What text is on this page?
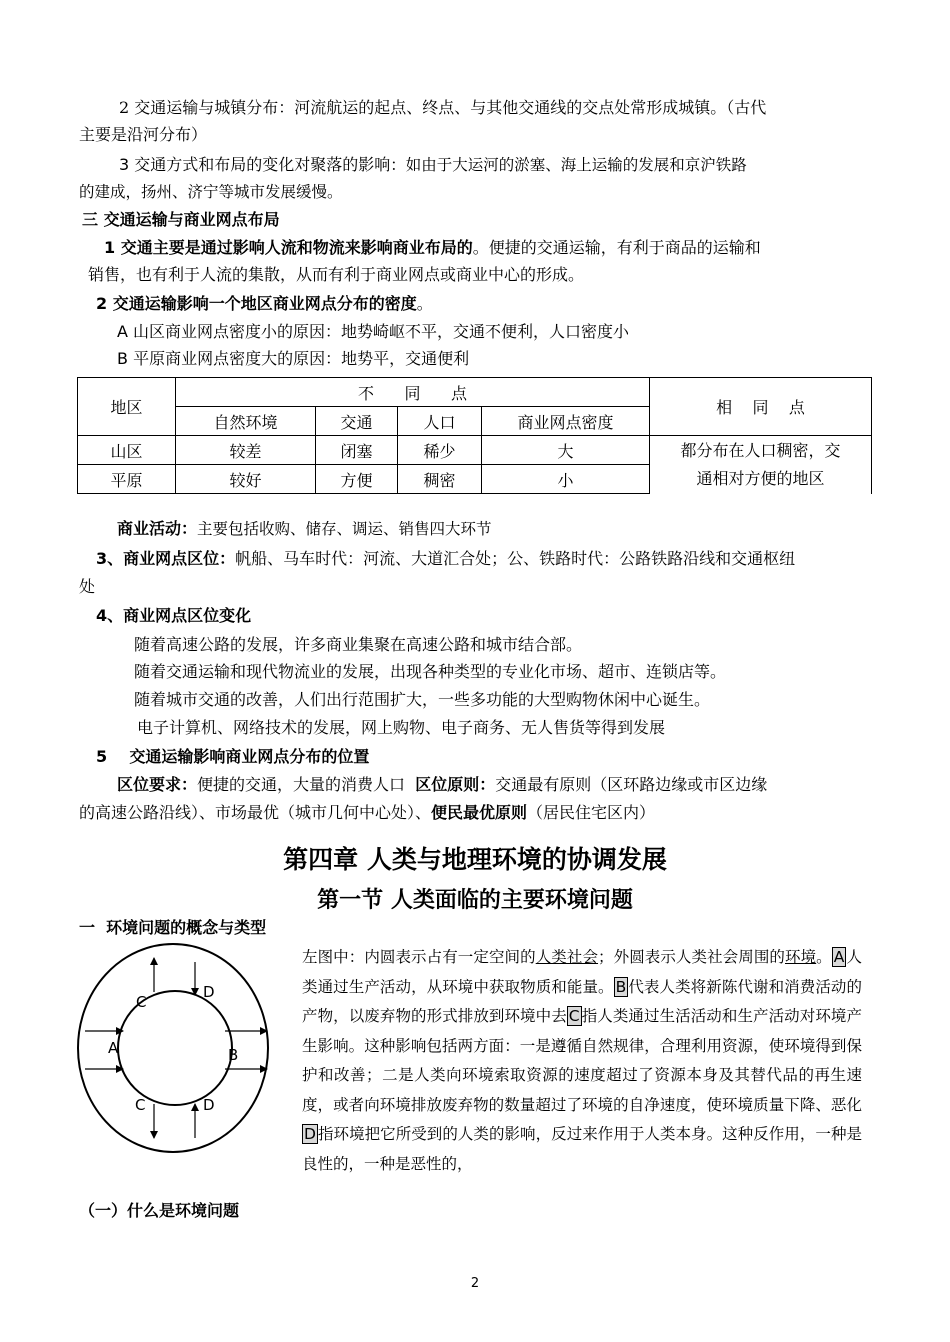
2 交通运输与城镇分布：河流航运的起点、终点、与其他交通线的交点处常形成城镇。（古代
主要是沿河分布）
3 交通方式和布局的变化对聚落的影响：如由于大运河的淤塞、海上运输的发展和京沪铁路
的建成，扬州、济宁等城市发展缓慢。
三 交通运输与商业网点布局
1 交通主要是通过影响人流和物流来影响商业布局的。便捷的交通运输，有利于商品的运输和
销售，也有利于人流的集散，从而有利于商业网点或商业中心的形成。
2 交通运输影响一个地区商业网点分布的密度。
A 山区商业网点密度小的原因：地势崎岖不平，交通不便利，人口密度小
B 平原商业网点密度大的原因：地势平，交通便利
地区	不      同      点				相    同    点
	自然环境	交通	人口	商业网点密度	
山区	较差	闭塞	稀少	大	都分布在人口稠密，交
通相对方便的地区

平原	较好	方便	稠密	小	
商业活动：主要包括收购、储存、调运、销售四大环节
3、商业网点区位：帆船、马车时代：河流、大道汇合处；公、铁路时代：公路铁路沿线和交通枢纽
处
4、商业网点区位变化
随着高速公路的发展，许多商业集聚在高速公路和城市结合部。
随着交通运输和现代物流业的发展，出现各种类型的专业化市场、超市、连锁店等。
随着城市交通的改善，人们出行范围扩大，一些多功能的大型购物休闲中心诞生。
电子计算机、网络技术的发展，网上购物、电子商务、无人售货等得到发展
5    交通运输影响商业网点分布的位置
区位要求：便捷的交通，大量的消费人口  区位原则：交通最有原则（区环路边缘或市区边缘
的高速公路沿线）、市场最优（城市几何中心处）、便民最优原则（居民住宅区内）
第四章 人类与地理环境的协调发展
第一节 人类面临的主要环境问题
一  环境问题的概念与类型
C
D
A	B
C	D
左图中：内圆表示占有一定空间的人类社会；外圆表示人类社会周围的环境。 A 人类通过生产活动，从环境中获取物质和能量。 B 代表人类将新陈代谢和消费活动的产物，以废弃物的形式排放到环境中去 C 指人类通过生活活动和生产活动对环境产生影响。这种影响包括两方面：一是遵循自然规律，合理利用资源，使环境得到保护和改善；二是人类向环境索取资源的速度超过了资源本身及其替代品的再生速度，或者向环境排放废弃物的数量超过了环境的自净速度，使环境质量下降、恶化D 指环境把它所受到的人类的影响，反过来作用于人类本身。这种反作用，一种是良性的，一种是恶性的，
（一）什么是环境问题
2
